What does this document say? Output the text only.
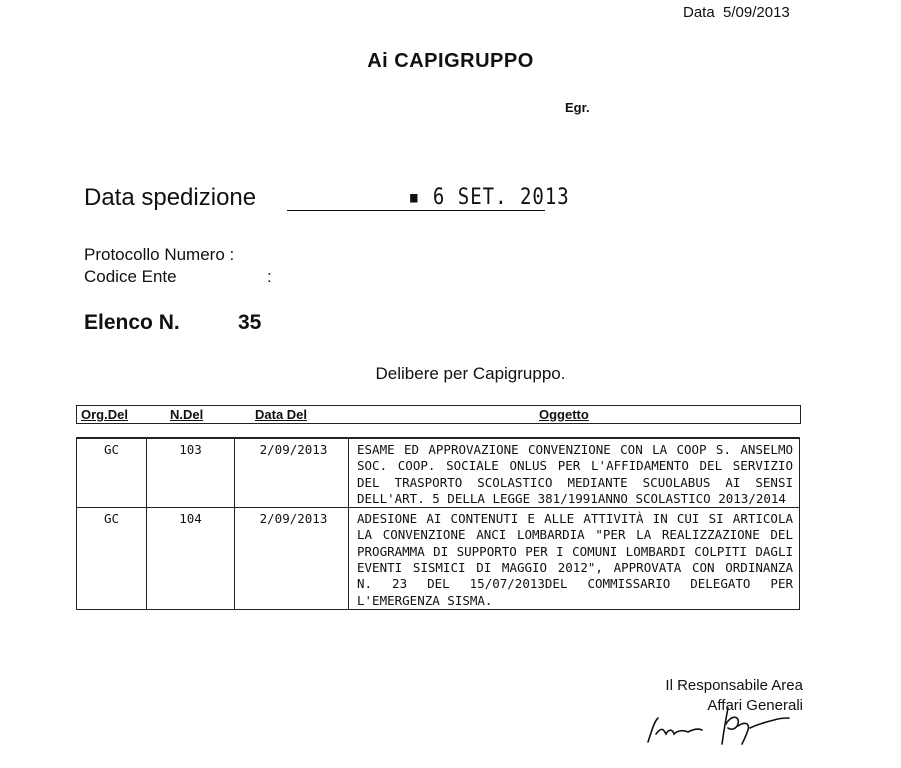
Data 5/09/2013
Ai CAPIGRUPPO
Egr.
Data spedizione	▪ 6 SET. 2013
Protocollo Numero :
Codice Ente	:
Elenco N.	35
Delibere per Capigruppo.
Org.Del	N.Del	Data Del	Oggetto
GC	103	2/09/2013	ESAME ED APPROVAZIONE CONVENZIONE CON LA COOP S. ANSELMO SOC. COOP. SOCIALE ONLUS PER L'AFFIDAMENTO DEL SERVIZIO DEL TRASPORTO SCOLASTICO MEDIANTE SCUOLABUS AI SENSI DELL'ART. 5 DELLA LEGGE 381/1991ANNO SCOLASTICO 2013/2014
GC	104	2/09/2013	ADESIONE AI CONTENUTI E ALLE ATTIVITÀ IN CUI SI ARTICOLA LA CONVENZIONE ANCI LOMBARDIA "PER LA REALIZZAZIONE DEL PROGRAMMA DI SUPPORTO PER I COMUNI LOMBARDI COLPITI DAGLI EVENTI SISMICI DI MAGGIO 2012", APPROVATA CON ORDINANZA N. 23 DEL 15/07/2013DEL COMMISSARIO DELEGATO PER L'EMERGENZA SISMA.
Il Responsabile Area
Affari Generali
